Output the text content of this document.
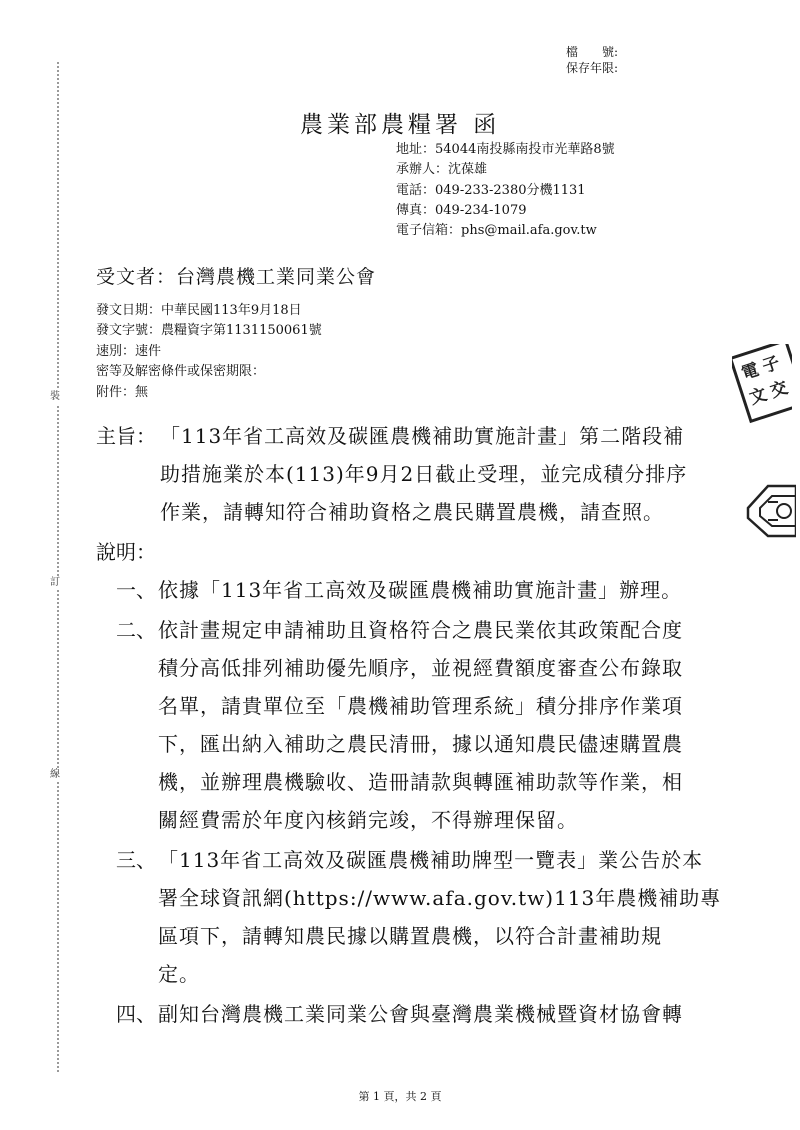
裝
訂
線
檔　　號:
保存年限:
農業部農糧署 函
地址：54044南投縣南投市光華路8號
承辦人：沈葆雄
電話：049-233-2380分機1131
傳真：049-234-1079
電子信箱：phs@mail.afa.gov.tw
受文者：台灣農機工業同業公會
發文日期：中華民國113年9月18日
發文字號：農糧資字第1131150061號
速別：速件
密等及解密條件或保密期限：
附件：無
主旨： 「113年省工高效及碳匯農機補助實施計畫」第二階段補
助措施業於本(113)年9月2日截止受理，並完成積分排序
作業，請轉知符合補助資格之農民購置農機，請查照。
說明：
一、 依據「113年省工高效及碳匯農機補助實施計畫」辦理。
二、 依計畫規定申請補助且資格符合之農民業依其政策配合度
積分高低排列補助優先順序，並視經費額度審查公布錄取
名單，請貴單位至「農機補助管理系統」積分排序作業項
下，匯出納入補助之農民清冊，據以通知農民儘速購置農
機，並辦理農機驗收、造冊請款與轉匯補助款等作業，相
關經費需於年度內核銷完竣，不得辦理保留。
三、 「113年省工高效及碳匯農機補助牌型一覽表」業公告於本
署全球資訊網(https://www.afa.gov.tw)113年農機補助專
區項下，請轉知農民據以購置農機，以符合計畫補助規
定。
四、 副知台灣農機工業同業公會與臺灣農業機械暨資材協會轉
電
子
文
交
第 1 頁，共 2 頁
